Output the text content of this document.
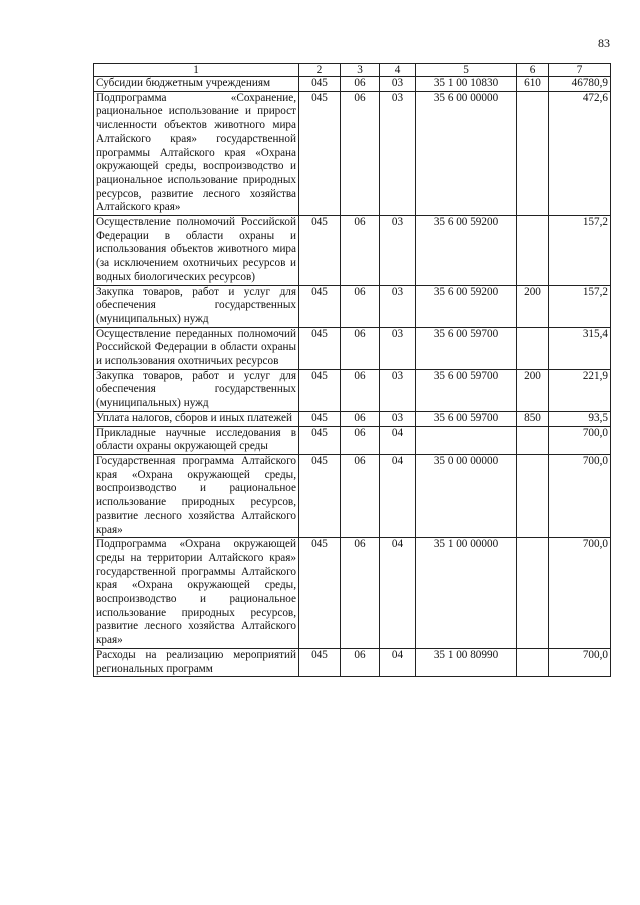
83
1	2	3	4	5	6	7
Субсидии бюджетным учреждениям	045	06	03	35 1 00 10830	610	46780,9
Подпрограмма «Сохранение, рациональное использование и прирост численности объектов животного мира Алтайского края» государственной программы Алтайского края «Охрана окружающей среды, воспроизводство и рациональное использование природных ресурсов, развитие лесного хозяйства Алтайского края»	045	06	03	35 6 00 00000		472,6
Осуществление полномочий Российской Федерации в области охраны и использования объектов животного мира (за исключением охотничьих ресурсов и водных биологических ресурсов)	045	06	03	35 6 00 59200		157,2
Закупка товаров, работ и услуг для обеспечения государственных (муниципальных) нужд	045	06	03	35 6 00 59200	200	157,2
Осуществление переданных полномочий Российской Федерации в области охраны и использования охотничьих ресурсов	045	06	03	35 6 00 59700		315,4
Закупка товаров, работ и услуг для обеспечения государственных (муниципальных) нужд	045	06	03	35 6 00 59700	200	221,9
Уплата налогов, сборов и иных платежей	045	06	03	35 6 00 59700	850	93,5
Прикладные научные исследования в области охраны окружающей среды	045	06	04			700,0
Государственная программа Алтайского края «Охрана окружающей среды, воспроизводство и рациональное использование природных ресурсов, развитие лесного хозяйства Алтайского края»	045	06	04	35 0 00 00000		700,0
Подпрограмма «Охрана окружающей среды на территории Алтайского края» государственной программы Алтайского края «Охрана окружающей среды, воспроизводство и рациональное использование природных ресурсов, развитие лесного хозяйства Алтайского края»	045	06	04	35 1 00 00000		700,0
Расходы на реализацию мероприятий региональных программ	045	06	04	35 1 00 80990		700,0
